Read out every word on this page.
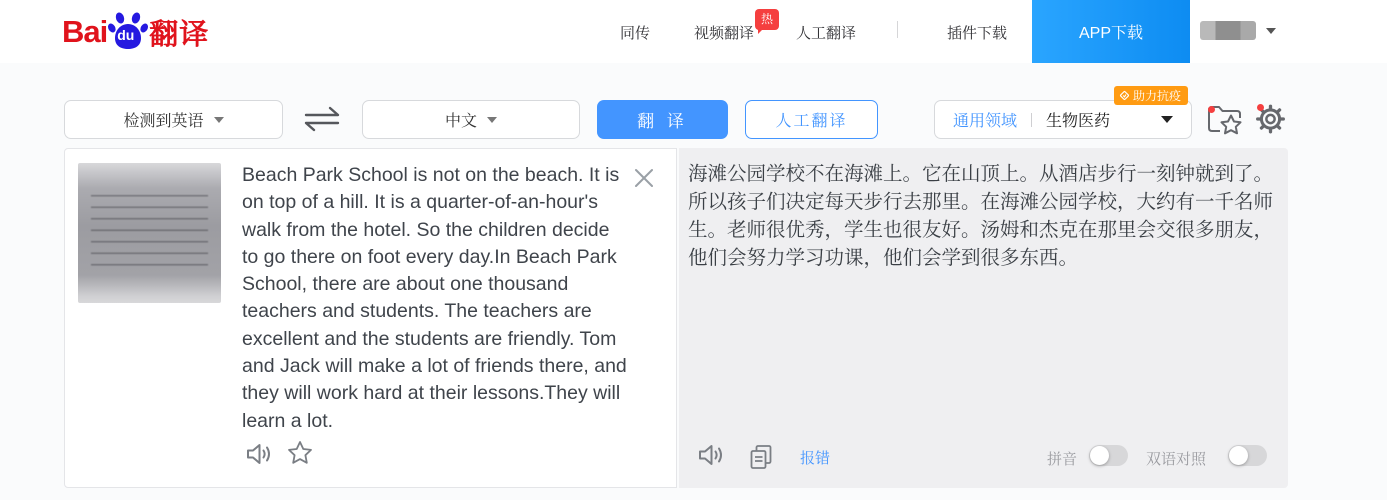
Bai du 翻译	同传	视频翻译
热
人工翻译	插件下载	APP下载
检测到英语	中文	翻 译	人工翻译	通用领域 生物医药
助力抗疫
Beach Park School is not on the beach. It is on top of a hill. It is a quarter-of-an-hour's walk from the hotel. So the children decide to go there on foot every day.In Beach Park School, there are about one thousand teachers and students. The teachers are excellent and the students are friendly. Tom and Jack will make a lot of friends there, and they will work hard at their lessons.They will learn a lot.
海滩公园学校不在海滩上。它在山顶上。从酒店步行一刻钟就到了。所以孩子们决定每天步行去那里。在海滩公园学校，大约有一千名师生。老师很优秀，学生也很友好。汤姆和杰克在那里会交很多朋友，他们会努力学习功课，他们会学到很多东西。
报错	拼音	双语对照
